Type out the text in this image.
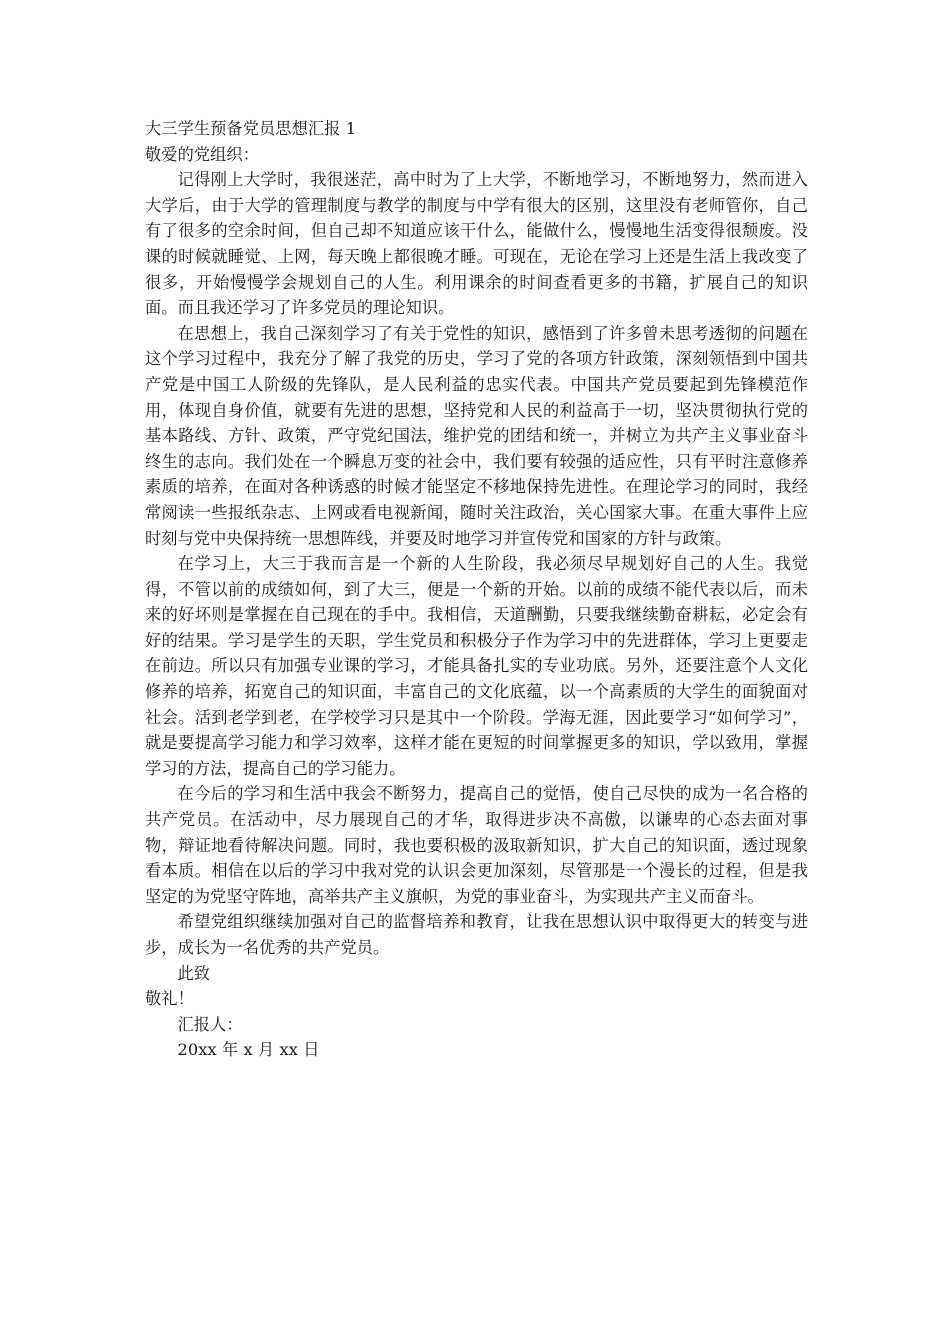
大三学生预备党员思想汇报 1

敬爱的党组织：

记得刚上大学时，我很迷茫，高中时为了上大学，不断地学习，不断地努力，然而进入大学后，由于大学的管理制度与教学的制度与中学有很大的区别，这里没有老师管你，自己有了很多的空余时间，但自己却不知道应该干什么，能做什么，慢慢地生活变得很颓废。没课的时候就睡觉、上网，每天晚上都很晚才睡。可现在，无论在学习上还是生活上我改变了很多，开始慢慢学会规划自己的人生。利用课余的时间查看更多的书籍，扩展自己的知识面。而且我还学习了许多党员的理论知识。

在思想上，我自己深刻学习了有关于党性的知识，感悟到了许多曾未思考透彻的问题在这个学习过程中，我充分了解了我党的历史，学习了党的各项方针政策，深刻领悟到中国共产党是中国工人阶级的先锋队，是人民利益的忠实代表。中国共产党员要起到先锋模范作用，体现自身价值，就要有先进的思想，坚持党和人民的利益高于一切，坚决贯彻执行党的基本路线、方针、政策，严守党纪国法，维护党的团结和统一，并树立为共产主义事业奋斗终生的志向。我们处在一个瞬息万变的社会中，我们要有较强的适应性，只有平时注意修养素质的培养，在面对各种诱惑的时候才能坚定不移地保持先进性。在理论学习的同时，我经常阅读一些报纸杂志、上网或看电视新闻，随时关注政治，关心国家大事。在重大事件上应时刻与党中央保持统一思想阵线，并要及时地学习并宣传党和国家的方针与政策。

在学习上，大三于我而言是一个新的人生阶段，我必须尽早规划好自己的人生。我觉得，不管以前的成绩如何，到了大三，便是一个新的开始。以前的成绩不能代表以后，而未来的好坏则是掌握在自己现在的手中。我相信，天道酬勤，只要我继续勤奋耕耘，必定会有好的结果。学习是学生的天职，学生党员和积极分子作为学习中的先进群体，学习上更要走在前边。所以只有加强专业课的学习，才能具备扎实的专业功底。另外，还要注意个人文化修养的培养，拓宽自己的知识面，丰富自己的文化底蕴，以一个高素质的大学生的面貌面对社会。活到老学到老，在学校学习只是其中一个阶段。学海无涯，因此要学习“如何学习”，就是要提高学习能力和学习效率，这样才能在更短的时间掌握更多的知识，学以致用，掌握学习的方法，提高自己的学习能力。

在今后的学习和生活中我会不断努力，提高自己的觉悟，使自己尽快的成为一名合格的共产党员。在活动中，尽力展现自己的才华，取得进步决不高傲，以谦卑的心态去面对事物，辩证地看待解决问题。同时，我也要积极的汲取新知识，扩大自己的知识面，透过现象看本质。相信在以后的学习中我对党的认识会更加深刻，尽管那是一个漫长的过程，但是我坚定的为党坚守阵地，高举共产主义旗帜，为党的事业奋斗，为实现共产主义而奋斗。

希望党组织继续加强对自己的监督培养和教育，让我在思想认识中取得更大的转变与进步，成长为一名优秀的共产党员。

此致

敬礼！

汇报人：

20xx 年 x 月 xx 日
